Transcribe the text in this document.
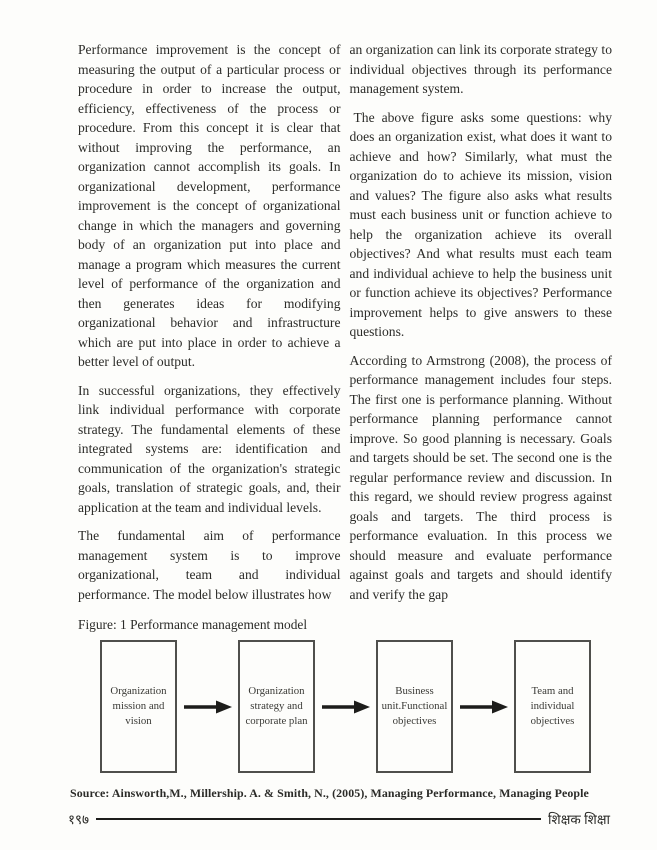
Performance improvement is the concept of measuring the output of a particular process or procedure in order to increase the output, efficiency, effectiveness of the process or procedure. From this concept it is clear that without improving the performance, an organization cannot accomplish its goals. In organizational development, performance improvement is the concept of organizational change in which the managers and governing body of an organization put into place and manage a program which measures the current level of performance of the organization and then generates ideas for modifying organizational behavior and infrastructure which are put into place in order to achieve a better level of output.

In successful organizations, they effectively link individual performance with corporate strategy. The fundamental elements of these integrated systems are: identification and communication of the organization's strategic goals, translation of strategic goals, and, their application at the team and individual levels.

The fundamental aim of performance management system is to improve organizational, team and individual performance. The model below illustrates how

an organization can link its corporate strategy to individual objectives through its performance management system.

The above figure asks some questions: why does an organization exist, what does it want to achieve and how? Similarly, what must the organization do to achieve its mission, vision and values? The figure also asks what results must each business unit or function achieve to help the organization achieve its overall objectives? And what results must each team and individual achieve to help the business unit or function achieve its objectives? Performance improvement helps to give answers to these questions.

According to Armstrong (2008), the process of performance management includes four steps. The first one is performance planning. Without performance planning performance cannot improve. So good planning is necessary. Goals and targets should be set. The second one is the regular performance review and discussion. In this regard, we should review progress against goals and targets. The third process is performance evaluation. In this process we should measure and evaluate performance against goals and targets and should identify and verify the gap

Figure: 1 Performance management model
Organization mission and vision
Organization strategy and corporate plan
Business unit.Functional objectives
Team and individual objectives
Source: Ainsworth,M., Millership. A. & Smith, N., (2005), Managing Performance, Managing People
१९७	शिक्षक शिक्षा
